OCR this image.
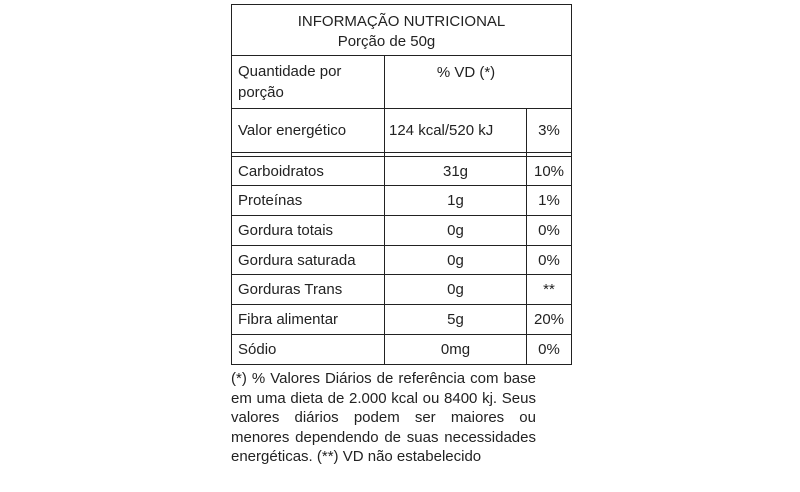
INFORMAÇÃO NUTRICIONAL
Porção de 50g
Quantidade por porção	% VD (*)	
Valor energético	124 kcal/520 kJ	3%

Carboidratos	31g	10%
Proteínas	1g	1%
Gordura totais	0g	0%
Gordura saturada	0g	0%
Gorduras Trans	0g	**
Fibra alimentar	5g	20%
Sódio	0mg	0%
(*) % Valores Diários de referência com base em uma dieta de 2.000 kcal ou 8400 kj. Seus valores diários podem ser maiores ou menores dependendo de suas necessidades energéticas. (**) VD não estabelecido
